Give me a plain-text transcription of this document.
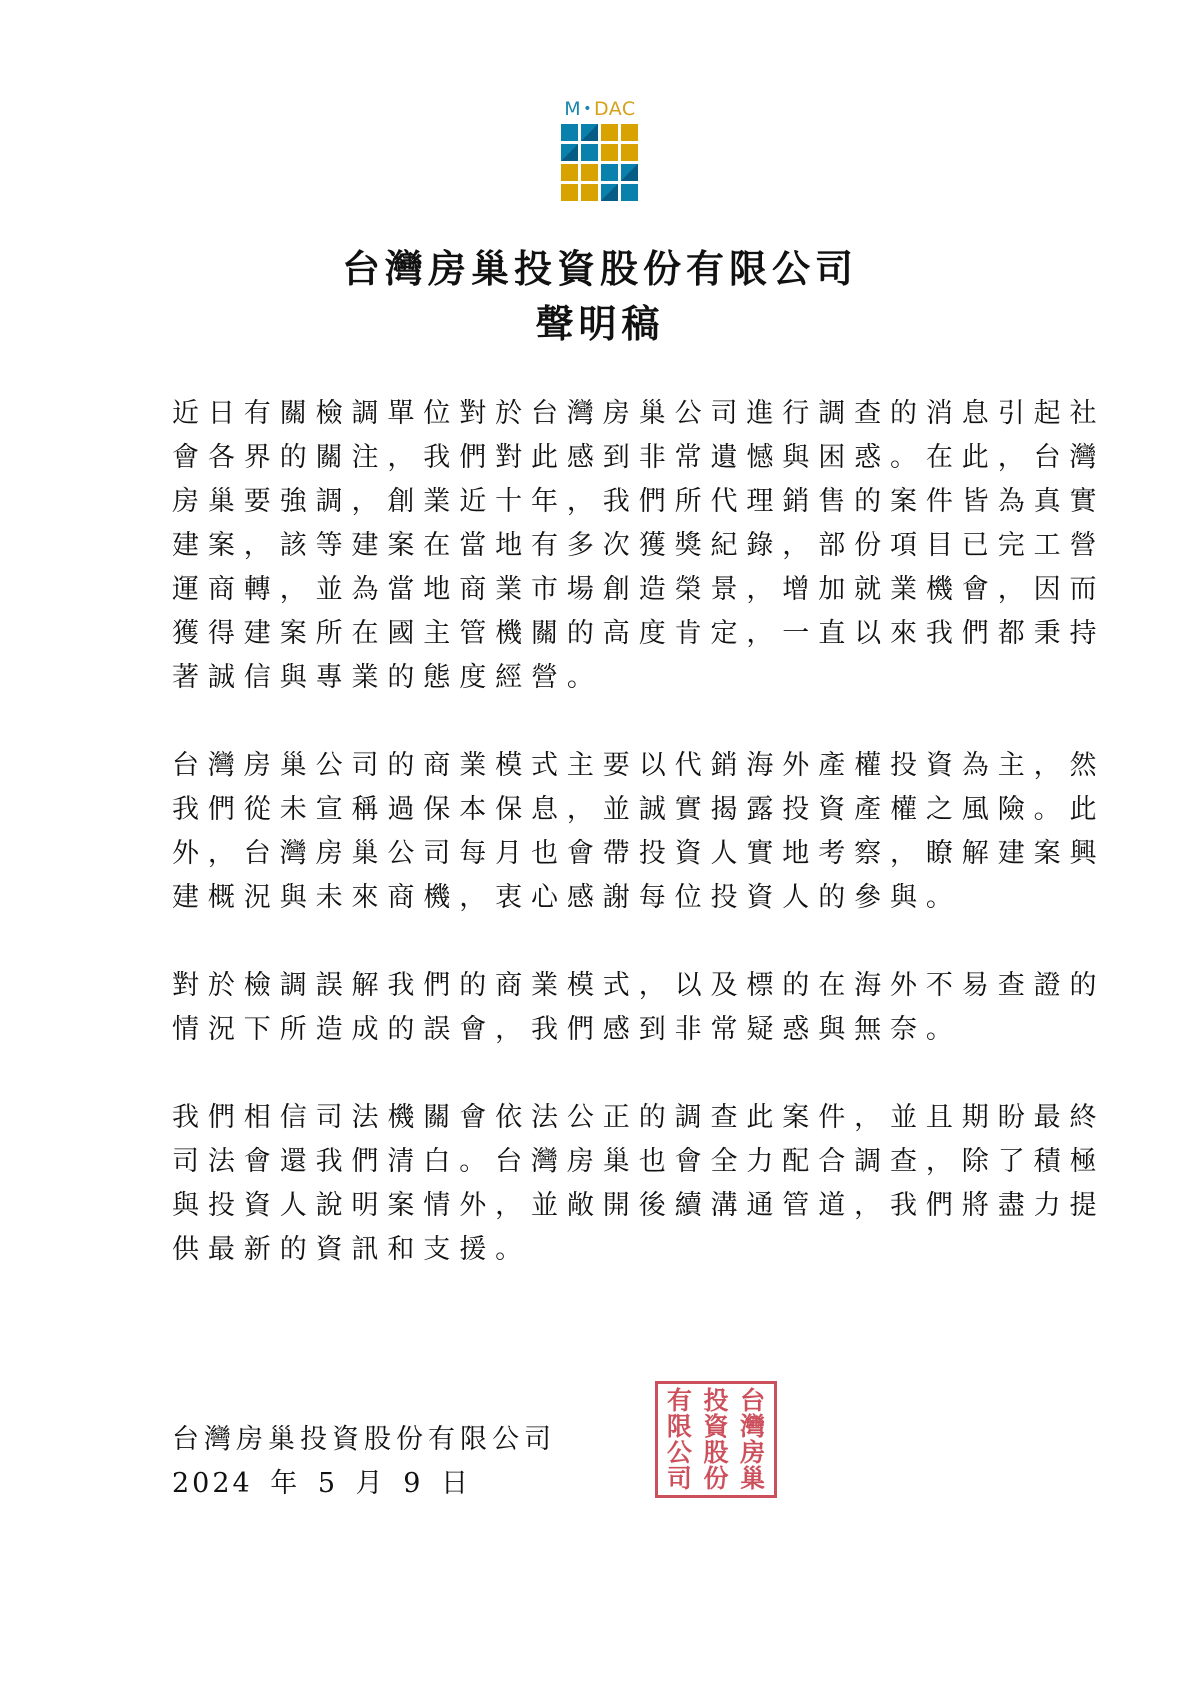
M • DAC
台灣房巢投資股份有限公司
聲明稿
近日有關檢調單位對於台灣房巢公司進行調查的消息引起社
會各界的關注，我們對此感到非常遺憾與困惑。在此，台灣
房巢要強調，創業近十年，我們所代理銷售的案件皆為真實
建案，該等建案在當地有多次獲獎紀錄，部份項目已完工營
運商轉，並為當地商業市場創造榮景，增加就業機會，因而
獲得建案所在國主管機關的高度肯定，一直以來我們都秉持
著誠信與專業的態度經營。
台灣房巢公司的商業模式主要以代銷海外產權投資為主，然
我們從未宣稱過保本保息，並誠實揭露投資產權之風險。此
外，台灣房巢公司每月也會帶投資人實地考察，瞭解建案興
建概況與未來商機，衷心感謝每位投資人的參與。
對於檢調誤解我們的商業模式，以及標的在海外不易查證的
情況下所造成的誤會，我們感到非常疑惑與無奈。
我們相信司法機關會依法公正的調查此案件，並且期盼最終
司法會還我們清白。台灣房巢也會全力配合調查，除了積極
與投資人說明案情外，並敞開後續溝通管道，我們將盡力提
供最新的資訊和支援。
台灣房巢投資股份有限公司
2024 年 5 月 9 日
台
灣
房
巢
投
資
股
份
有
限
公
司
